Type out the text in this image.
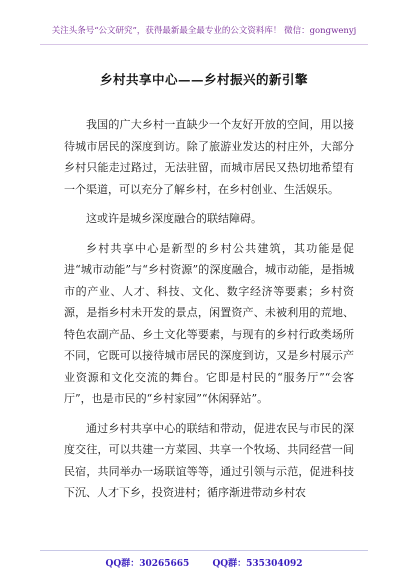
关注头条号“公文研究”，获得最新最全最专业的公文资料库！ 微信：gongwenyj
乡村共享中心——乡村振兴的新引擎

我国的广大乡村一直缺少一个友好开放的空间，用以接待城市居民的深度到访。除了旅游业发达的村庄外，大部分乡村只能走过路过，无法驻留，而城市居民又热切地希望有一个渠道，可以充分了解乡村，在乡村创业、生活娱乐。

这或许是城乡深度融合的联结障碍。

乡村共享中心是新型的乡村公共建筑，其功能是促进“城市动能”与“乡村资源”的深度融合，城市动能，是指城市的产业、人才、科技、文化、数字经济等要素；乡村资源，是指乡村未开发的景点，闲置资产、未被利用的荒地、特色农副产品、乡土文化等要素，与现有的乡村行政类场所不同，它既可以接待城市居民的深度到访，又是乡村展示产业资源和文化交流的舞台。它即是村民的“服务厅”“会客厅”，也是市民的“乡村家园”“休闲驿站”。

通过乡村共享中心的联结和带动，促进农民与市民的深度交往，可以共建一方菜园、共享一个牧场、共同经营一间民宿，共同举办一场联谊等等，通过引领与示范，促进科技下沉、人才下乡，投资进村；循序渐进带动乡村农

QQ群：30265665	QQ群：535304092
